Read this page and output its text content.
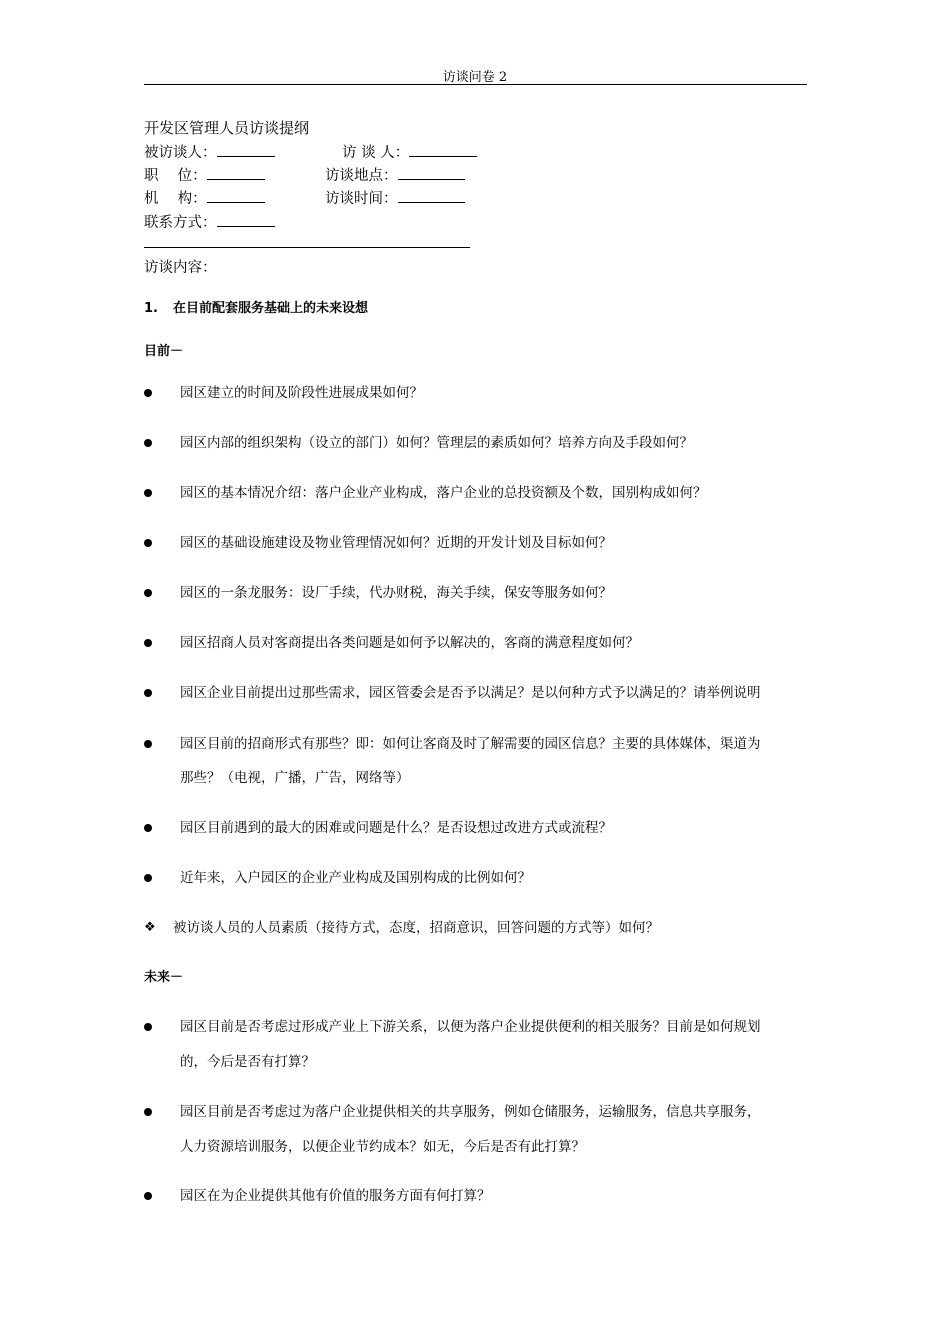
访谈问卷 2
开发区管理人员访谈提纲
被访谈人：	访 谈 人：
职　 位：	访谈地点：
机　 构：	访谈时间：
联系方式：
访谈内容：
1. 在目前配套服务基础上的未来设想
目前－
园区建立的时间及阶段性进展成果如何？
园区内部的组织架构（设立的部门）如何？管理层的素质如何？培养方向及手段如何？
园区的基本情况介绍：落户企业产业构成，落户企业的总投资额及个数，国别构成如何？
园区的基础设施建设及物业管理情况如何？近期的开发计划及目标如何？
园区的一条龙服务：设厂手续，代办财税，海关手续，保安等服务如何？
园区招商人员对客商提出各类问题是如何予以解决的，客商的满意程度如何？
园区企业目前提出过那些需求，园区管委会是否予以满足？是以何种方式予以满足的？请举例说明
园区目前的招商形式有那些？即：如何让客商及时了解需要的园区信息？主要的具体媒体，渠道为
那些？（电视，广播，广告，网络等）
园区目前遇到的最大的困难或问题是什么？是否设想过改进方式或流程？
近年来，入户园区的企业产业构成及国别构成的比例如何？
❖ 被访谈人员的人员素质（接待方式，态度，招商意识，回答问题的方式等）如何？
未来－
园区目前是否考虑过形成产业上下游关系，以便为落户企业提供便利的相关服务？目前是如何规划
的，今后是否有打算？
园区目前是否考虑过为落户企业提供相关的共享服务，例如仓储服务，运输服务，信息共享服务，
人力资源培训服务，以便企业节约成本？如无，今后是否有此打算？
园区在为企业提供其他有价值的服务方面有何打算？
